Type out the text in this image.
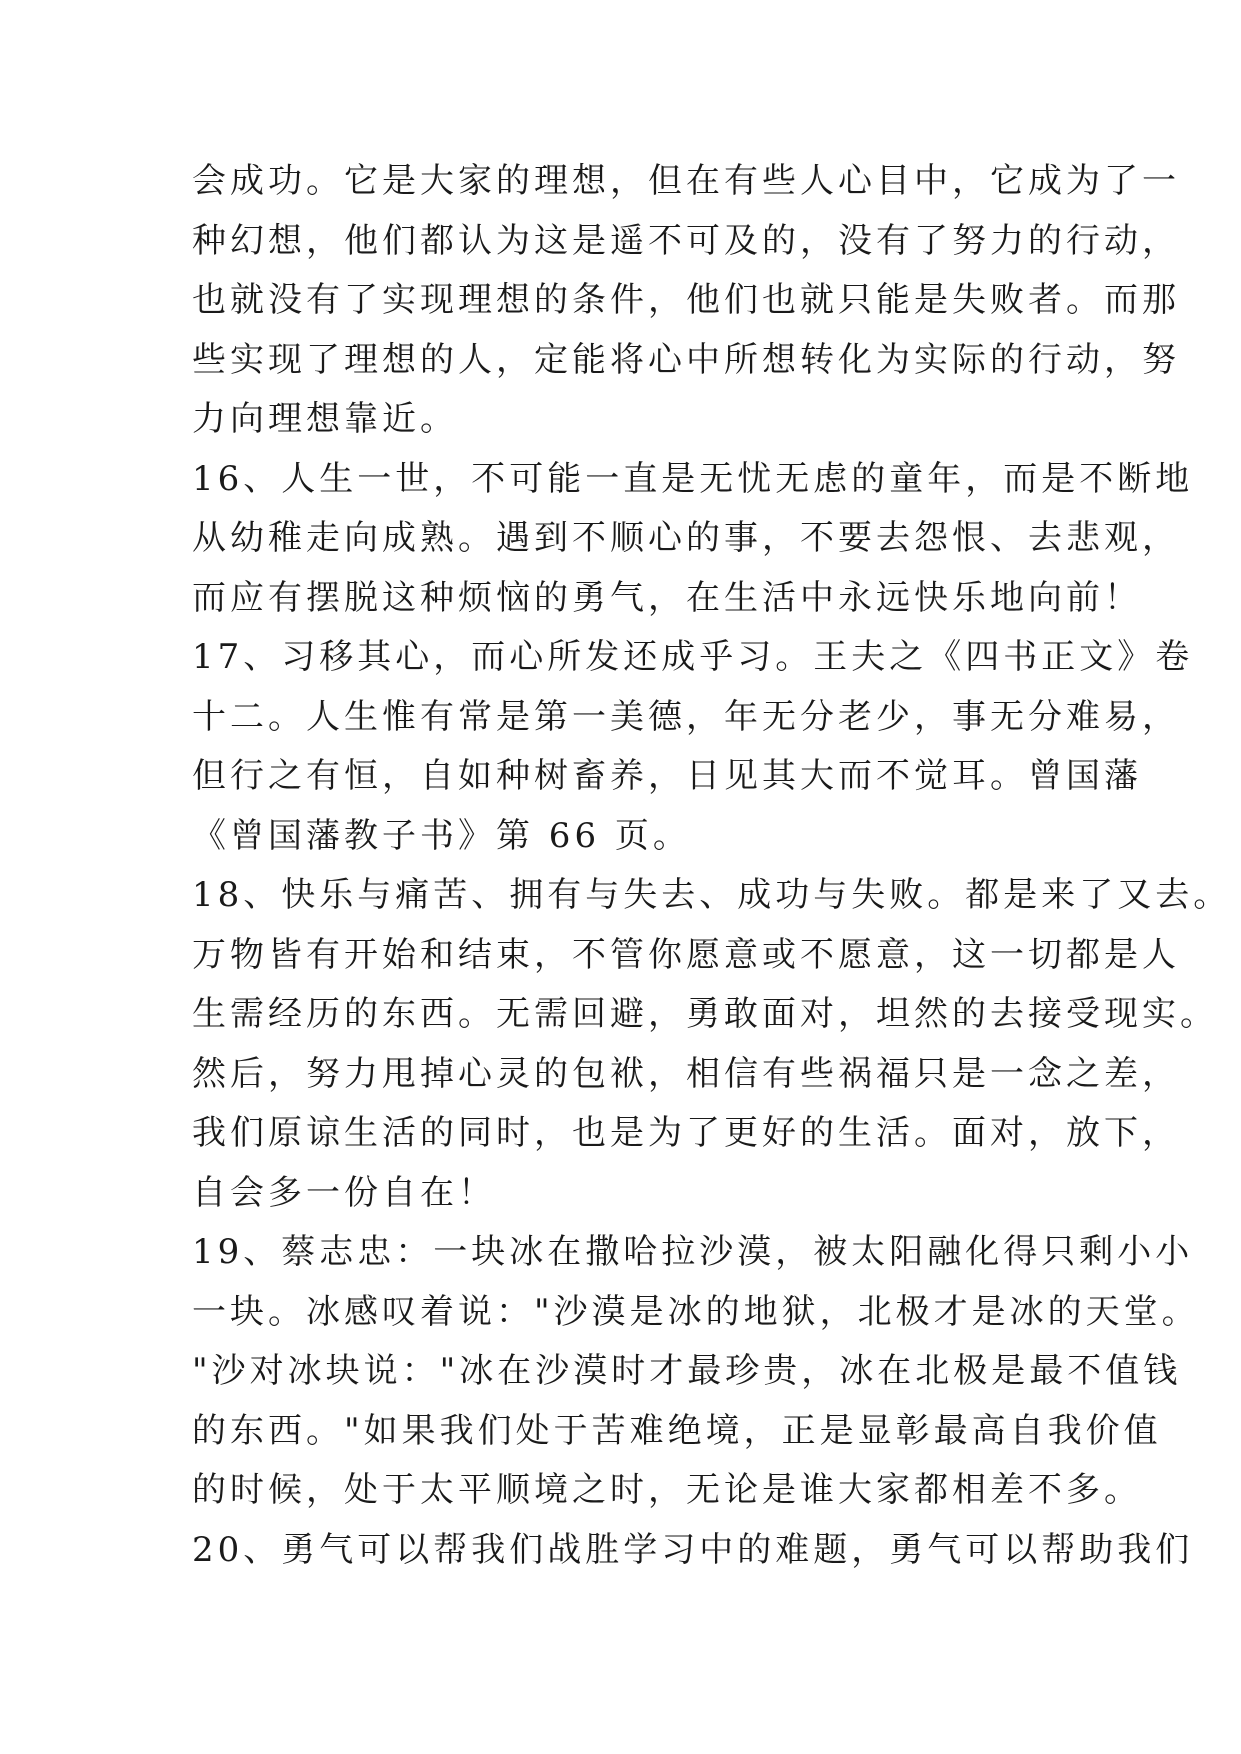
会成功。它是大家的理想，但在有些人心目中，它成为了一
种幻想，他们都认为这是遥不可及的，没有了努力的行动，
也就没有了实现理想的条件，他们也就只能是失败者。而那
些实现了理想的人，定能将心中所想转化为实际的行动，努
力向理想靠近。
16、人生一世，不可能一直是无忧无虑的童年，而是不断地
从幼稚走向成熟。遇到不顺心的事，不要去怨恨、去悲观，
而应有摆脱这种烦恼的勇气，在生活中永远快乐地向前！
17、习移其心，而心所发还成乎习。王夫之《四书正文》卷
十二。人生惟有常是第一美德，年无分老少，事无分难易，
但行之有恒，自如种树畜养，日见其大而不觉耳。曾国藩
《曾国藩教子书》第 66 页。
18、快乐与痛苦、拥有与失去、成功与失败。都是来了又去。
万物皆有开始和结束，不管你愿意或不愿意，这一切都是人
生需经历的东西。无需回避，勇敢面对，坦然的去接受现实。
然后，努力甩掉心灵的包袱，相信有些祸福只是一念之差，
我们原谅生活的同时，也是为了更好的生活。面对，放下，
自会多一份自在！
19、蔡志忠：一块冰在撒哈拉沙漠，被太阳融化得只剩小小
一块。冰感叹着说："沙漠是冰的地狱，北极才是冰的天堂。
"沙对冰块说："冰在沙漠时才最珍贵，冰在北极是最不值钱
的东西。"如果我们处于苦难绝境，正是显彰最高自我价值
的时候，处于太平顺境之时，无论是谁大家都相差不多。
20、勇气可以帮我们战胜学习中的难题，勇气可以帮助我们
